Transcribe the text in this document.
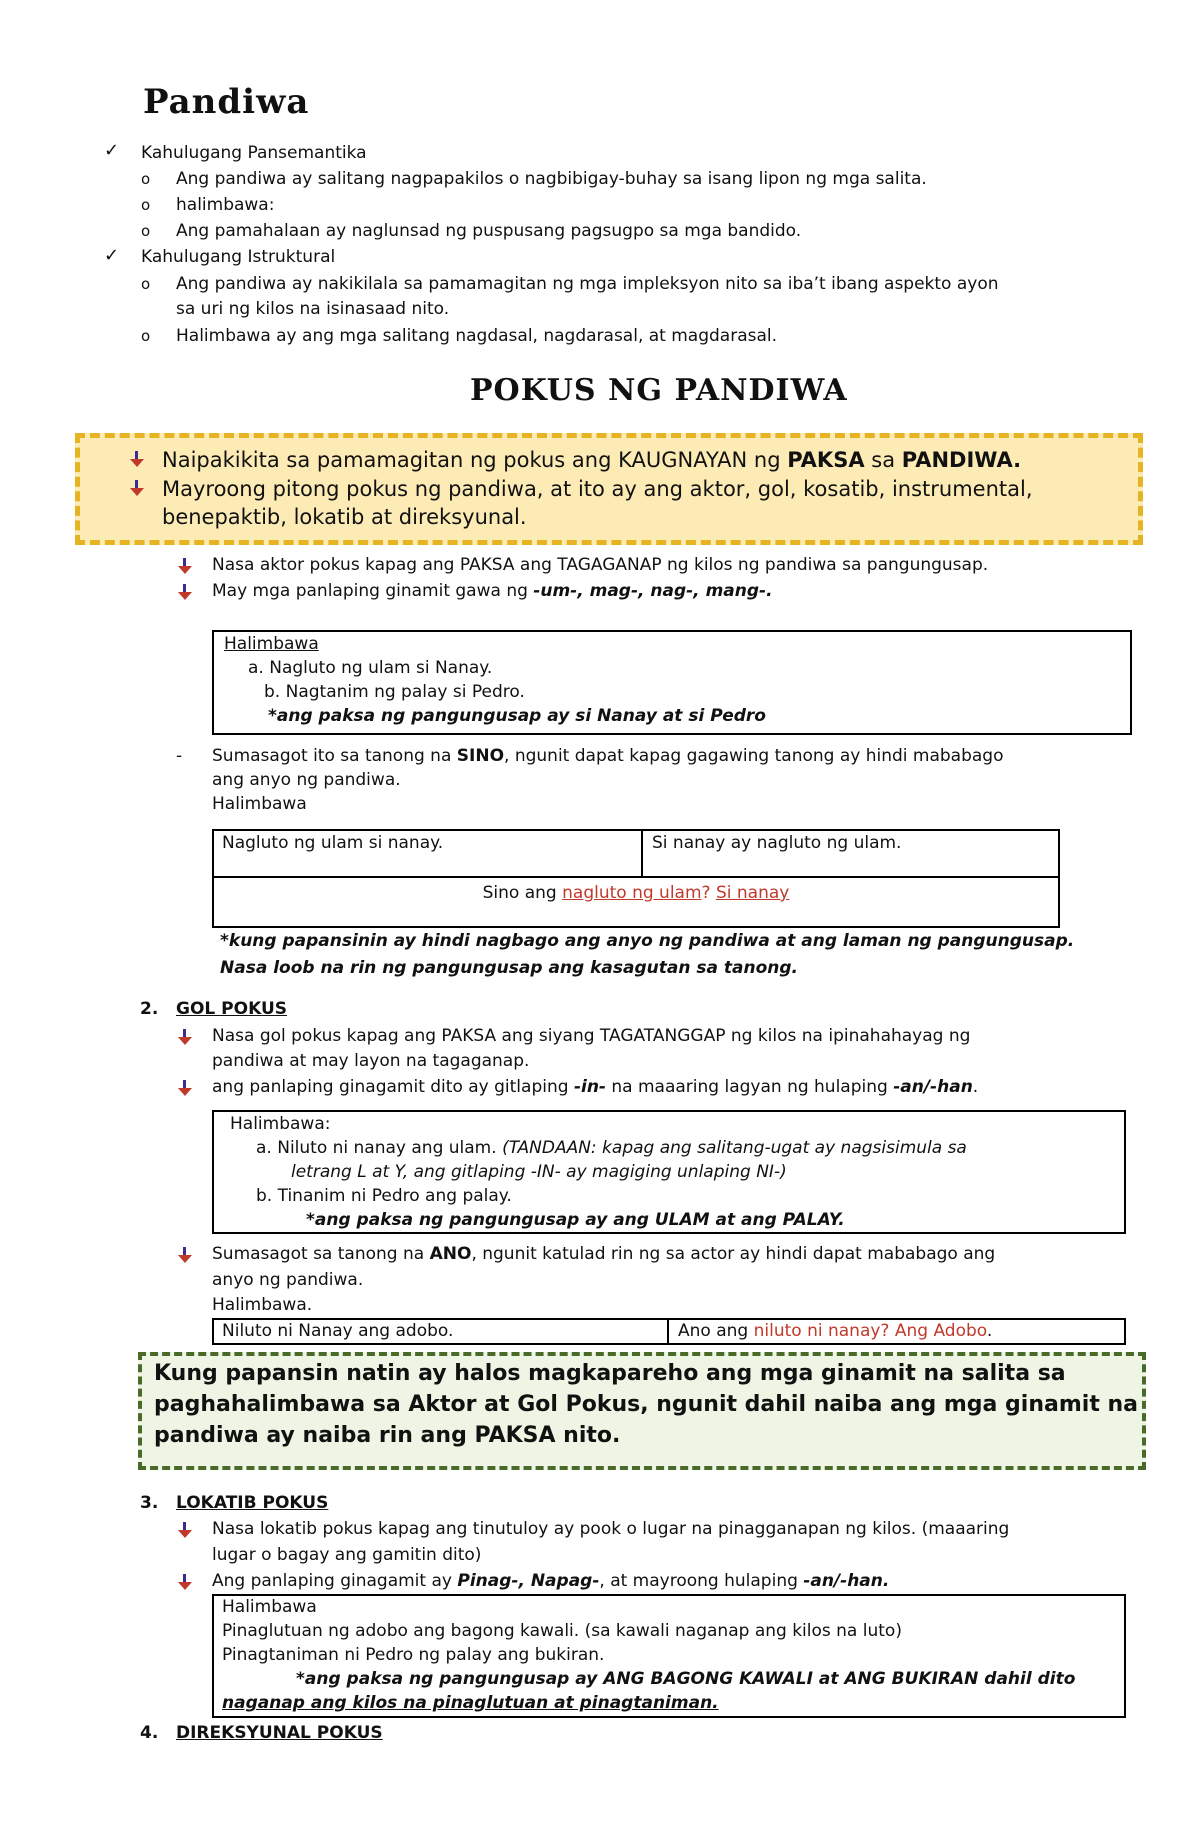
Pandiwa
✓ Kahulugang Pansemantika
o Ang pandiwa ay salitang nagpapakilos o nagbibigay-buhay sa isang lipon ng mga salita.
o halimbawa:
o Ang pamahalaan ay naglunsad ng puspusang pagsugpo sa mga bandido.
✓ Kahulugang Istruktural
o Ang pandiwa ay nakikilala sa pamamagitan ng mga impleksyon nito sa iba’t ibang aspekto ayon
sa uri ng kilos na isinasaad nito.
o Halimbawa ay ang mga salitang nagdasal, nagdarasal, at magdarasal.
POKUS NG PANDIWA
Nasa aktor pokus kapag ang PAKSA ang TAGAGANAP ng kilos ng pandiwa sa pangungusap.
May mga panlaping ginamit gawa ng -um-, mag-, nag-, mang-.
Halimbawa
a. Nagluto ng ulam si Nanay.
b. Nagtanim ng palay si Pedro.
*ang paksa ng pangungusap ay si Nanay at si Pedro
- Sumasagot ito sa tanong na SINO, ngunit dapat kapag gagawing tanong ay hindi mababago
ang anyo ng pandiwa.
Halimbawa
Nagluto ng ulam si nanay.	Si nanay ay nagluto ng ulam.
Sino ang nagluto ng ulam? Si nanay
*kung papansinin ay hindi nagbago ang anyo ng pandiwa at ang laman ng pangungusap.
Nasa loob na rin ng pangungusap ang kasagutan sa tanong.
2. GOL POKUS
Nasa gol pokus kapag ang PAKSA ang siyang TAGATANGGAP ng kilos na ipinahahayag ng
pandiwa at may layon na tagaganap.
ang panlaping ginagamit dito ay gitlaping -in- na maaaring lagyan ng hulaping -an/-han.
Halimbawa:
a. Niluto ni nanay ang ulam. (TANDAAN: kapag ang salitang-ugat ay nagsisimula sa
letrang L at Y, ang gitlaping -IN- ay magiging unlaping NI-)
b. Tinanim ni Pedro ang palay.
*ang paksa ng pangungusap ay ang ULAM at ang PALAY.
Sumasagot sa tanong na ANO, ngunit katulad rin ng sa actor ay hindi dapat mababago ang
anyo ng pandiwa.
Halimbawa.
Niluto ni Nanay ang adobo.	Ano ang niluto ni nanay? Ang Adobo.
Kung papansin natin ay halos magkapareho ang mga ginamit na salita sa
paghahalimbawa sa Aktor at Gol Pokus, ngunit dahil naiba ang mga ginamit na
pandiwa ay naiba rin ang PAKSA nito.
3. LOKATIB POKUS
Nasa lokatib pokus kapag ang tinutuloy ay pook o lugar na pinagganapan ng kilos. (maaaring
lugar o bagay ang gamitin dito)
Ang panlaping ginagamit ay Pinag-, Napag-, at mayroong hulaping -an/-han.
Halimbawa
Pinaglutuan ng adobo ang bagong kawali. (sa kawali naganap ang kilos na luto)
Pinagtaniman ni Pedro ng palay ang bukiran.
*ang paksa ng pangungusap ay ANG BAGONG KAWALI at ANG BUKIRAN dahil dito
naganap ang kilos na pinaglutuan at pinagtaniman.
4. DIREKSYUNAL POKUS
Naipakikita sa pamamagitan ng pokus ang KAUGNAYAN ng PAKSA sa PANDIWA.
Mayroong pitong pokus ng pandiwa, at ito ay ang aktor, gol, kosatib, instrumental,
benepaktib, lokatib at direksyunal.
